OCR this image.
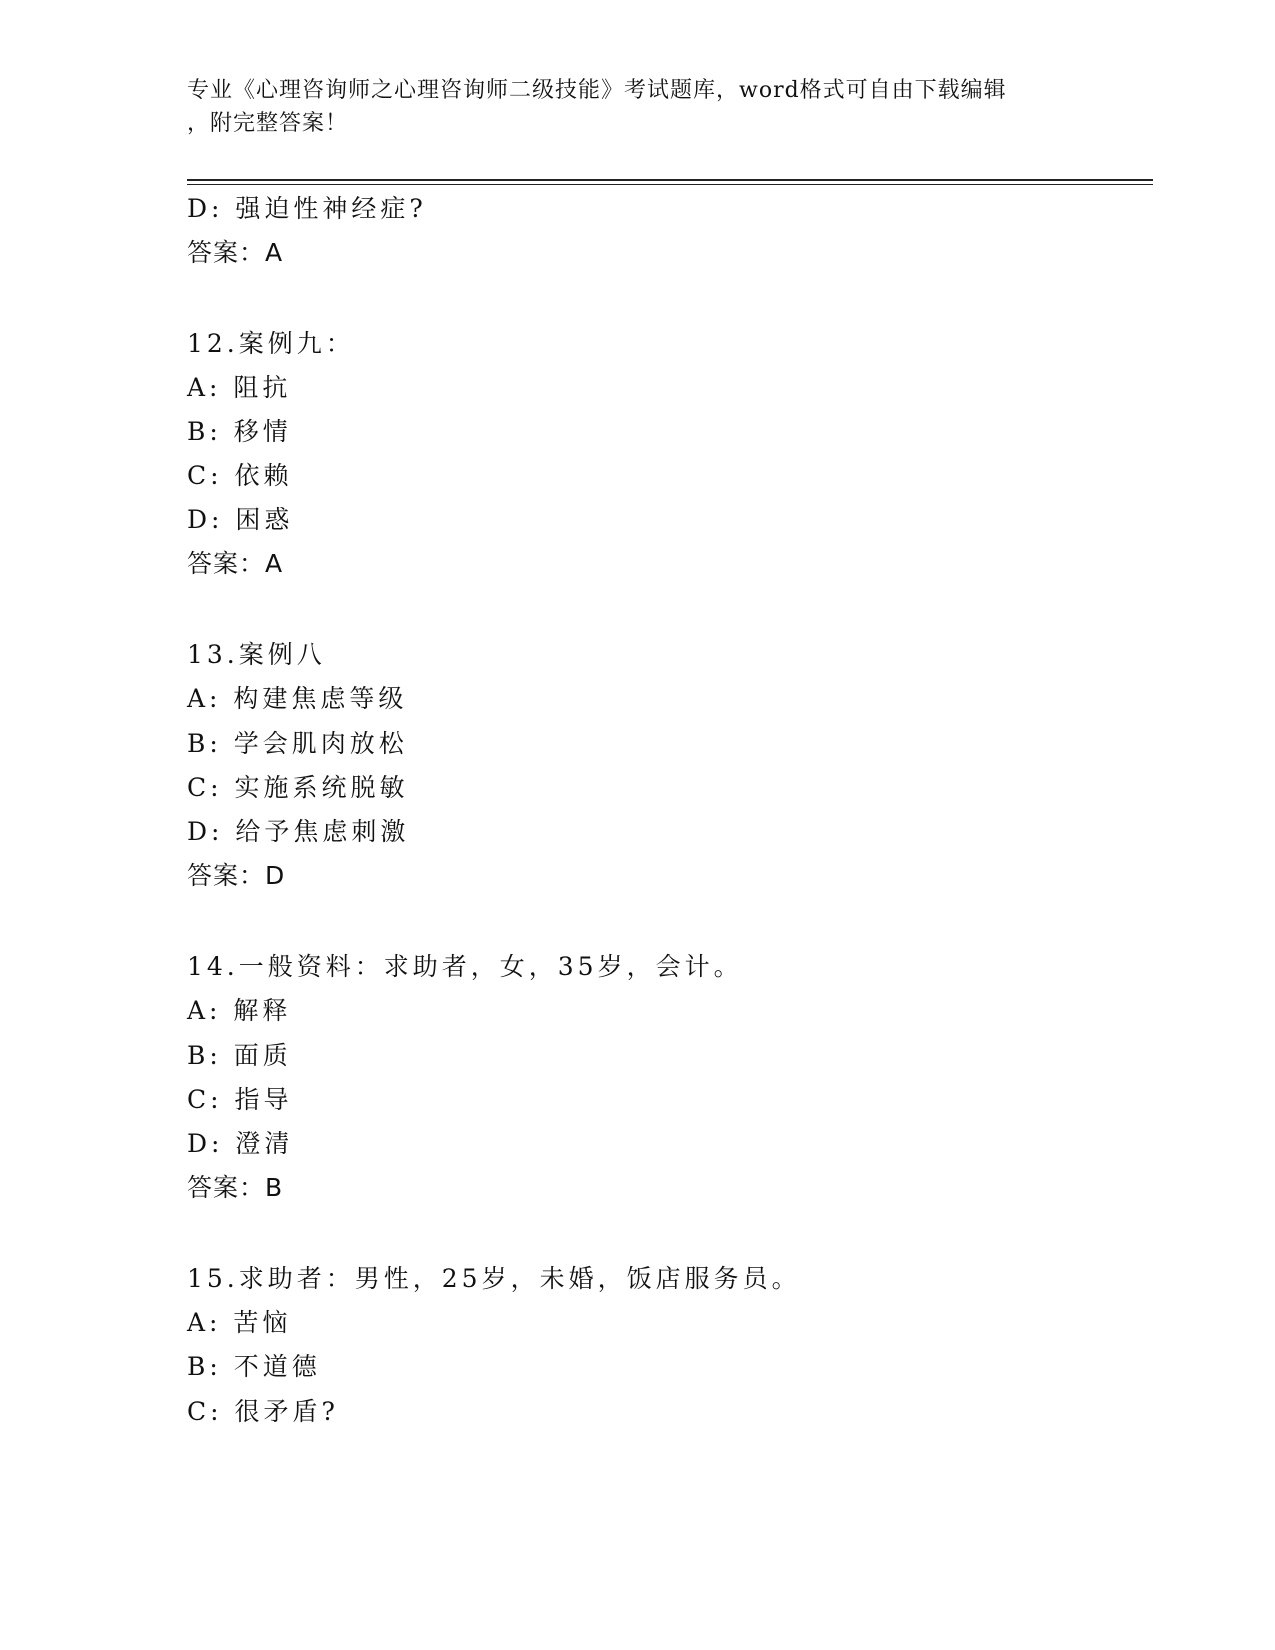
专业《心理咨询师之心理咨询师二级技能》考试题库，word格式可自由下载编辑
，附完整答案！
D: 强迫性神经症?
答案：A
12.案例九：
A: 阻抗
B: 移情
C: 依赖
D: 困惑
答案：A
13.案例八
A: 构建焦虑等级
B: 学会肌肉放松
C: 实施系统脱敏
D: 给予焦虑刺激
答案：D
14.一般资料：求助者，女，35岁，会计。
A: 解释
B: 面质
C: 指导
D: 澄清
答案：B
15.求助者：男性，25岁，未婚，饭店服务员。
A: 苦恼
B: 不道德
C: 很矛盾?
